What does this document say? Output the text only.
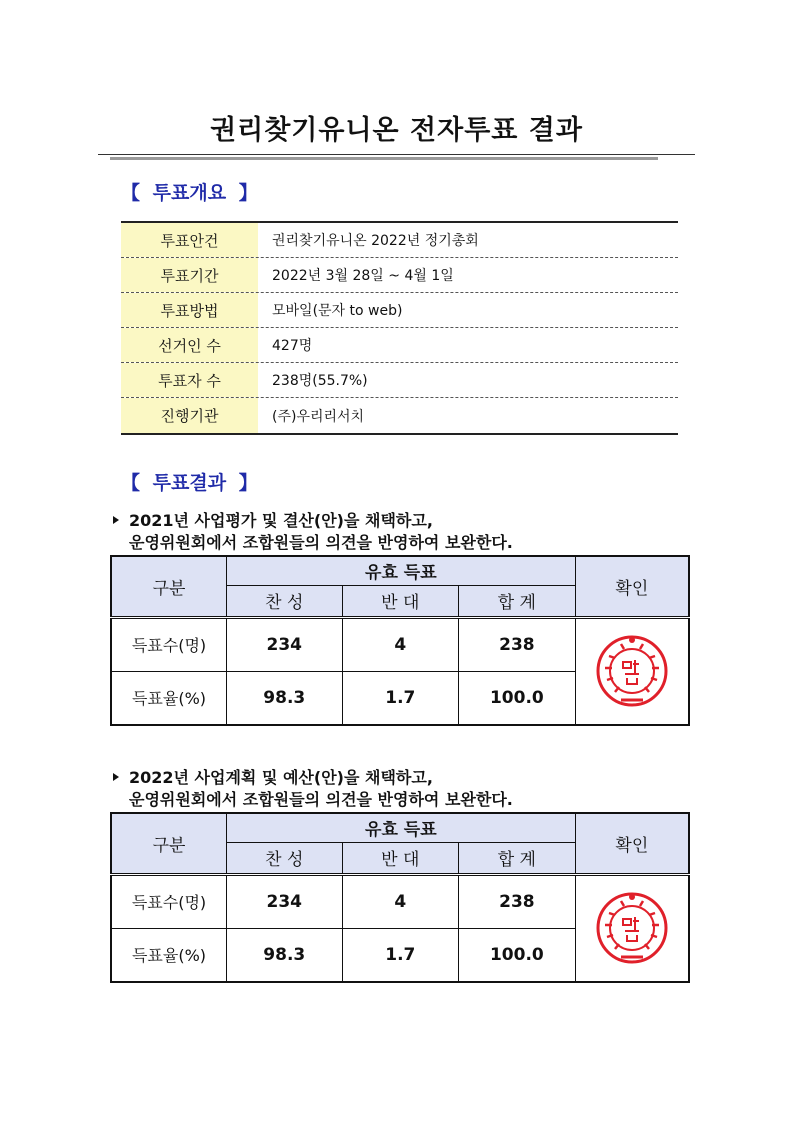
권리찾기유니온 전자투표 결과
【 투표개요 】
투표안건	권리찾기유니온 2022년 정기총회
투표기간	2022년 3월 28일 ~ 4월 1일
투표방법	모바일(문자 to web)
선거인 수	427명
투표자 수	238명(55.7%)
진행기관	(주)우리리서치
【 투표결과 】
2021년 사업평가 및 결산(안)을 채택하고,
운영위원회에서 조합원들의 의견을 반영하여 보완한다.
구분	유효 득표			확인
	찬 성	반 대	합 계	
득표수(명)	234	4	238	

득표율(%)	98.3	1.7	100.0	
2022년 사업계획 및 예산(안)을 채택하고,
운영위원회에서 조합원들의 의견을 반영하여 보완한다.
구분	유효 득표			확인
	찬 성	반 대	합 계	
득표수(명)	234	4	238	

득표율(%)	98.3	1.7	100.0	
